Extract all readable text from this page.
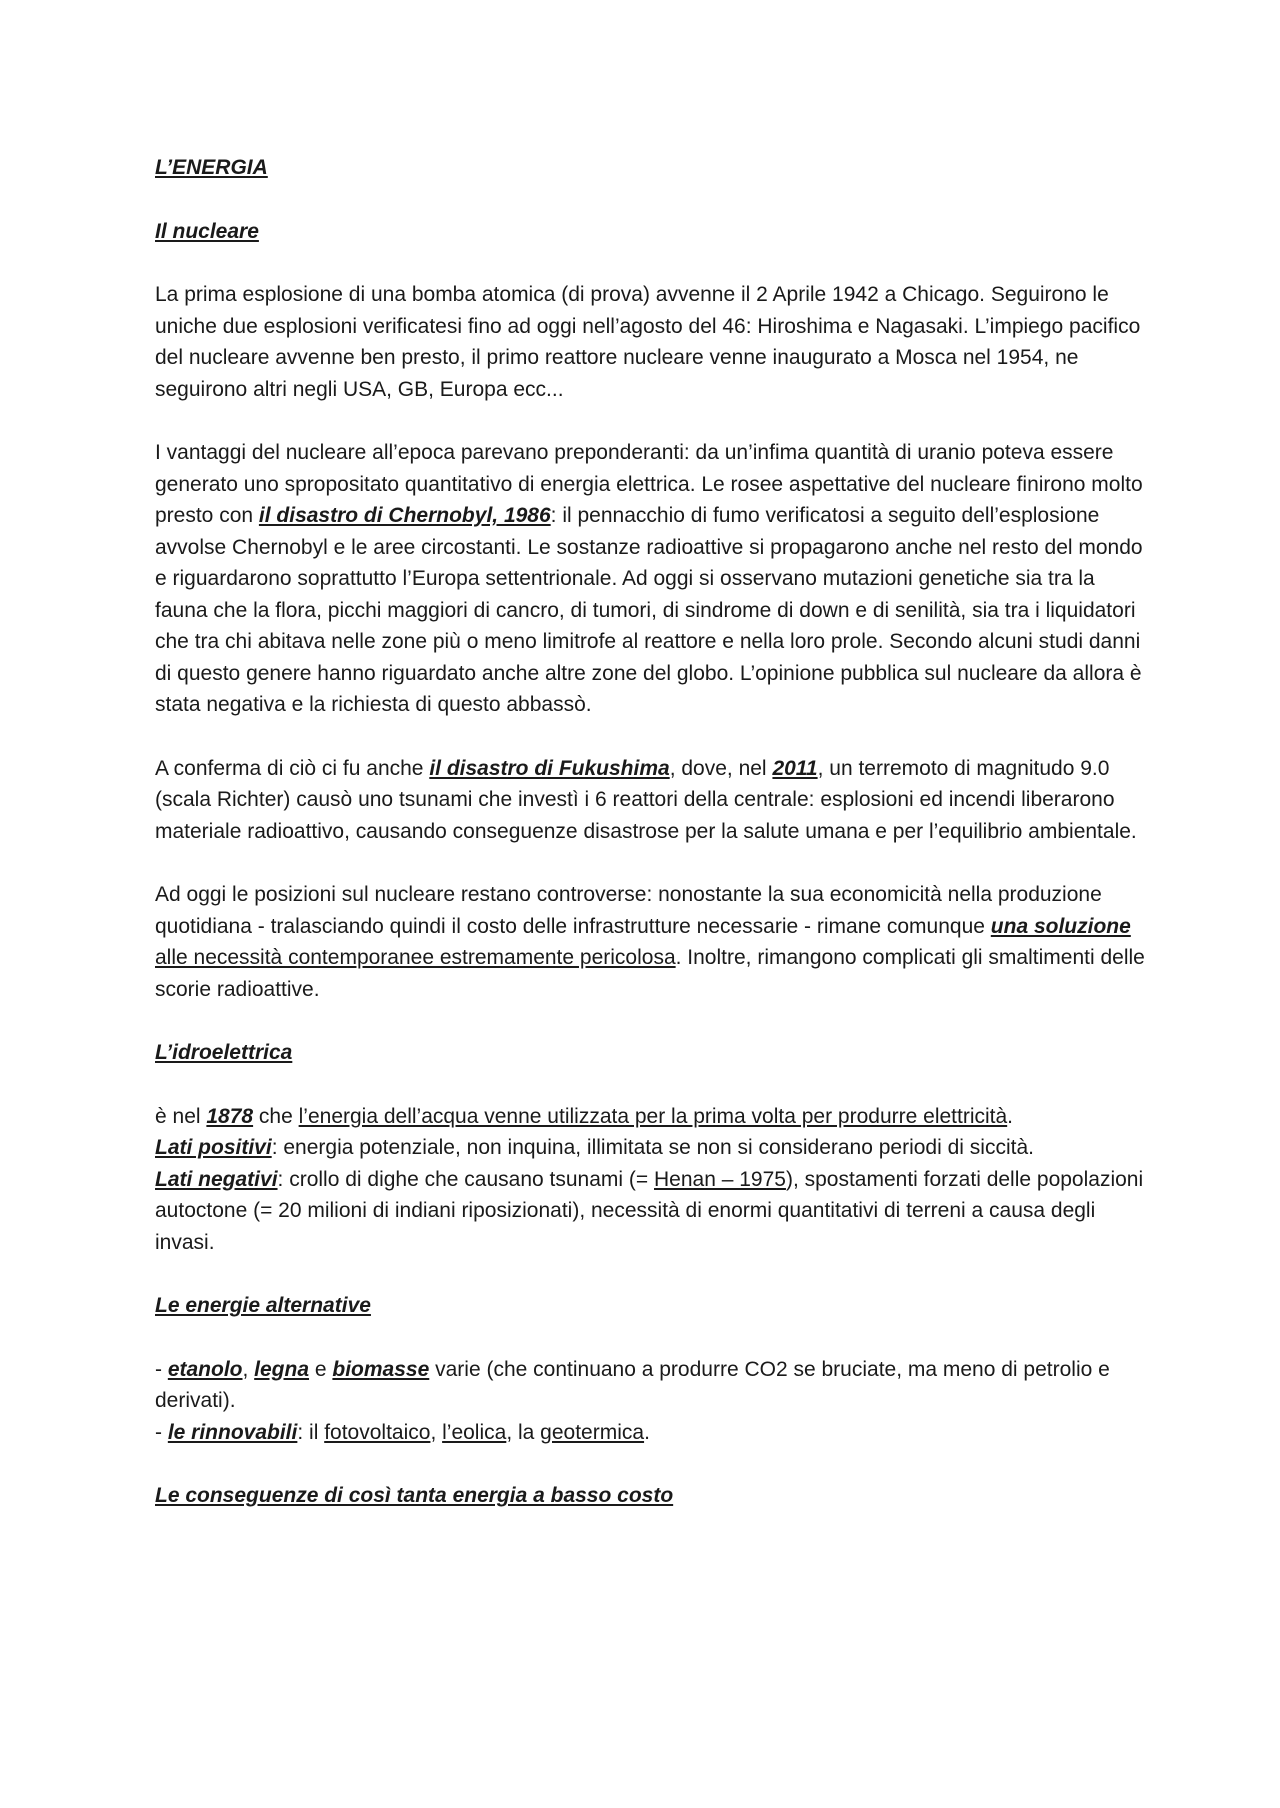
L’ENERGIA

Il nucleare

La prima esplosione di una bomba atomica (di prova) avvenne il 2 Aprile 1942 a Chicago. Seguirono le uniche due esplosioni verificatesi fino ad oggi nell’agosto del 46: Hiroshima e Nagasaki. L’impiego pacifico del nucleare avvenne ben presto, il primo reattore nucleare venne inaugurato a Mosca nel 1954, ne seguirono altri negli USA, GB, Europa ecc...

I vantaggi del nucleare all’epoca parevano preponderanti: da un’infima quantità di uranio poteva essere generato uno spropositato quantitativo di energia elettrica. Le rosee aspettative del nucleare finirono molto presto con il disastro di Chernobyl, 1986: il pennacchio di fumo verificatosi a seguito dell’esplosione avvolse Chernobyl e le aree circostanti. Le sostanze radioattive si propagarono anche nel resto del mondo e riguardarono soprattutto l’Europa settentrionale. Ad oggi si osservano mutazioni genetiche sia tra la fauna che la flora, picchi maggiori di cancro, di tumori, di sindrome di down e di senilità, sia tra i liquidatori che tra chi abitava nelle zone più o meno limitrofe al reattore e nella loro prole. Secondo alcuni studi danni di questo genere hanno riguardato anche altre zone del globo. L’opinione pubblica sul nucleare da allora è stata negativa e la richiesta di questo abbassò.

A conferma di ciò ci fu anche il disastro di Fukushima, dove, nel 2011, un terremoto di magnitudo 9.0 (scala Richter) causò uno tsunami che investì i 6 reattori della centrale: esplosioni ed incendi liberarono materiale radioattivo, causando conseguenze disastrose per la salute umana e per l’equilibrio ambientale.

Ad oggi le posizioni sul nucleare restano controverse: nonostante la sua economicità nella produzione quotidiana - tralasciando quindi il costo delle infrastrutture necessarie - rimane comunque una soluzione alle necessità contemporanee estremamente pericolosa. Inoltre, rimangono complicati gli smaltimenti delle scorie radioattive.

L’idroelettrica

è nel 1878 che l’energia dell’acqua venne utilizzata per la prima volta per produrre elettricità.

Lati positivi: energia potenziale, non inquina, illimitata se non si considerano periodi di siccità.

Lati negativi: crollo di dighe che causano tsunami (= Henan – 1975), spostamenti forzati delle popolazioni autoctone (= 20 milioni di indiani riposizionati), necessità di enormi quantitativi di terreni a causa degli invasi.

Le energie alternative

- etanolo, legna e biomasse varie (che continuano a produrre CO2 se bruciate, ma meno di petrolio e derivati).

- le rinnovabili: il fotovoltaico, l’eolica, la geotermica.

Le conseguenze di così tanta energia a basso costo
